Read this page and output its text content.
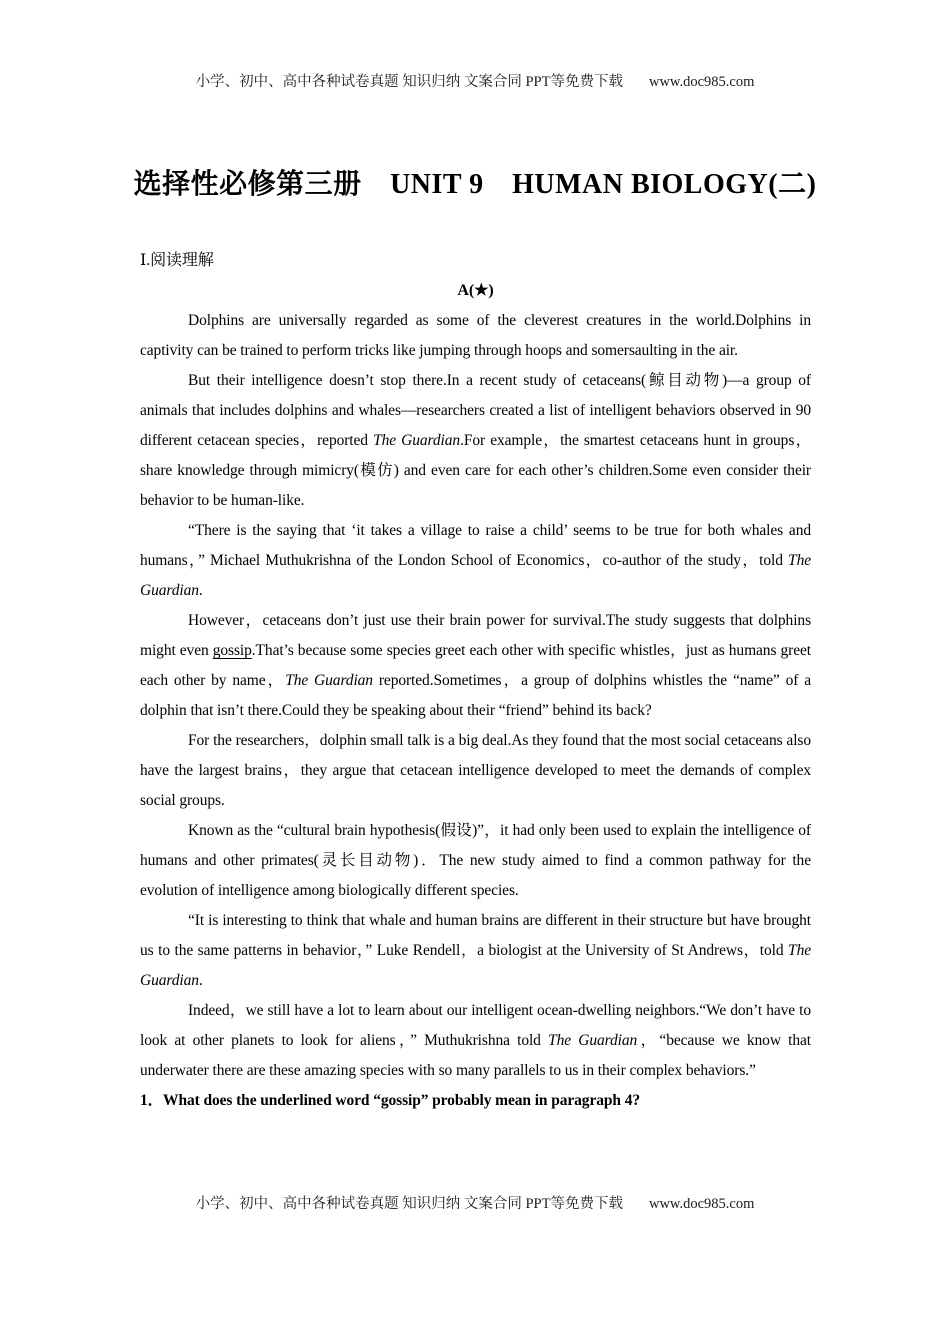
小学、初中、高中各种试卷真题 知识归纳 文案合同 PPT等免费下载 www.doc985.com
选择性必修第三册　UNIT 9　HUMAN BIOLOGY(二)
Ⅰ.阅读理解
A(★)

Dolphins are universally regarded as some of the cleverest creatures in the world.Dolphins in captivity can be trained to perform tricks like jumping through hoops and somersaulting in the air.

But their intelligence doesn’t stop there.In a recent study of cetaceans(鲸目动物)—a group of animals that includes dolphins and whales—researchers created a list of intelligent behaviors observed in 90 different cetacean species，reported The Guardian.For example，the smartest cetaceans hunt in groups，share knowledge through mimicry(模仿) and even care for each other’s children.Some even consider their behavior to be human-like.

“There is the saying that ‘it takes a village to raise a child’ seems to be true for both whales and humans，” Michael Muthukrishna of the London School of Economics，co-author of the study，told The Guardian.

However，cetaceans don’t just use their brain power for survival.The study suggests that dolphins might even gossip.That’s because some species greet each other with specific whistles，just as humans greet each other by name，The Guardian reported.Sometimes，a group of dolphins whistles the “name” of a dolphin that isn’t there.Could they be speaking about their “friend” behind its back?

For the researchers，dolphin small talk is a big deal.As they found that the most social cetaceans also have the largest brains，they argue that cetacean intelligence developed to meet the demands of complex social groups.

Known as the “cultural brain hypothesis(假设)”，it had only been used to explain the intelligence of humans and other primates(灵长目动物)．The new study aimed to find a common pathway for the evolution of intelligence among biologically different species.

“It is interesting to think that whale and human brains are different in their structure but have brought us to the same patterns in behavior，” Luke Rendell，a biologist at the University of St Andrews，told The Guardian.

Indeed，we still have a lot to learn about our intelligent ocean-dwelling neighbors.“We don’t have to look at other planets to look for aliens，” Muthukrishna told The Guardian，“because we know that underwater there are these amazing species with so many parallels to us in their complex behaviors.”

1．What does the underlined word “gossip” probably mean in paragraph 4?
小学、初中、高中各种试卷真题 知识归纳 文案合同 PPT等免费下载 www.doc985.com
